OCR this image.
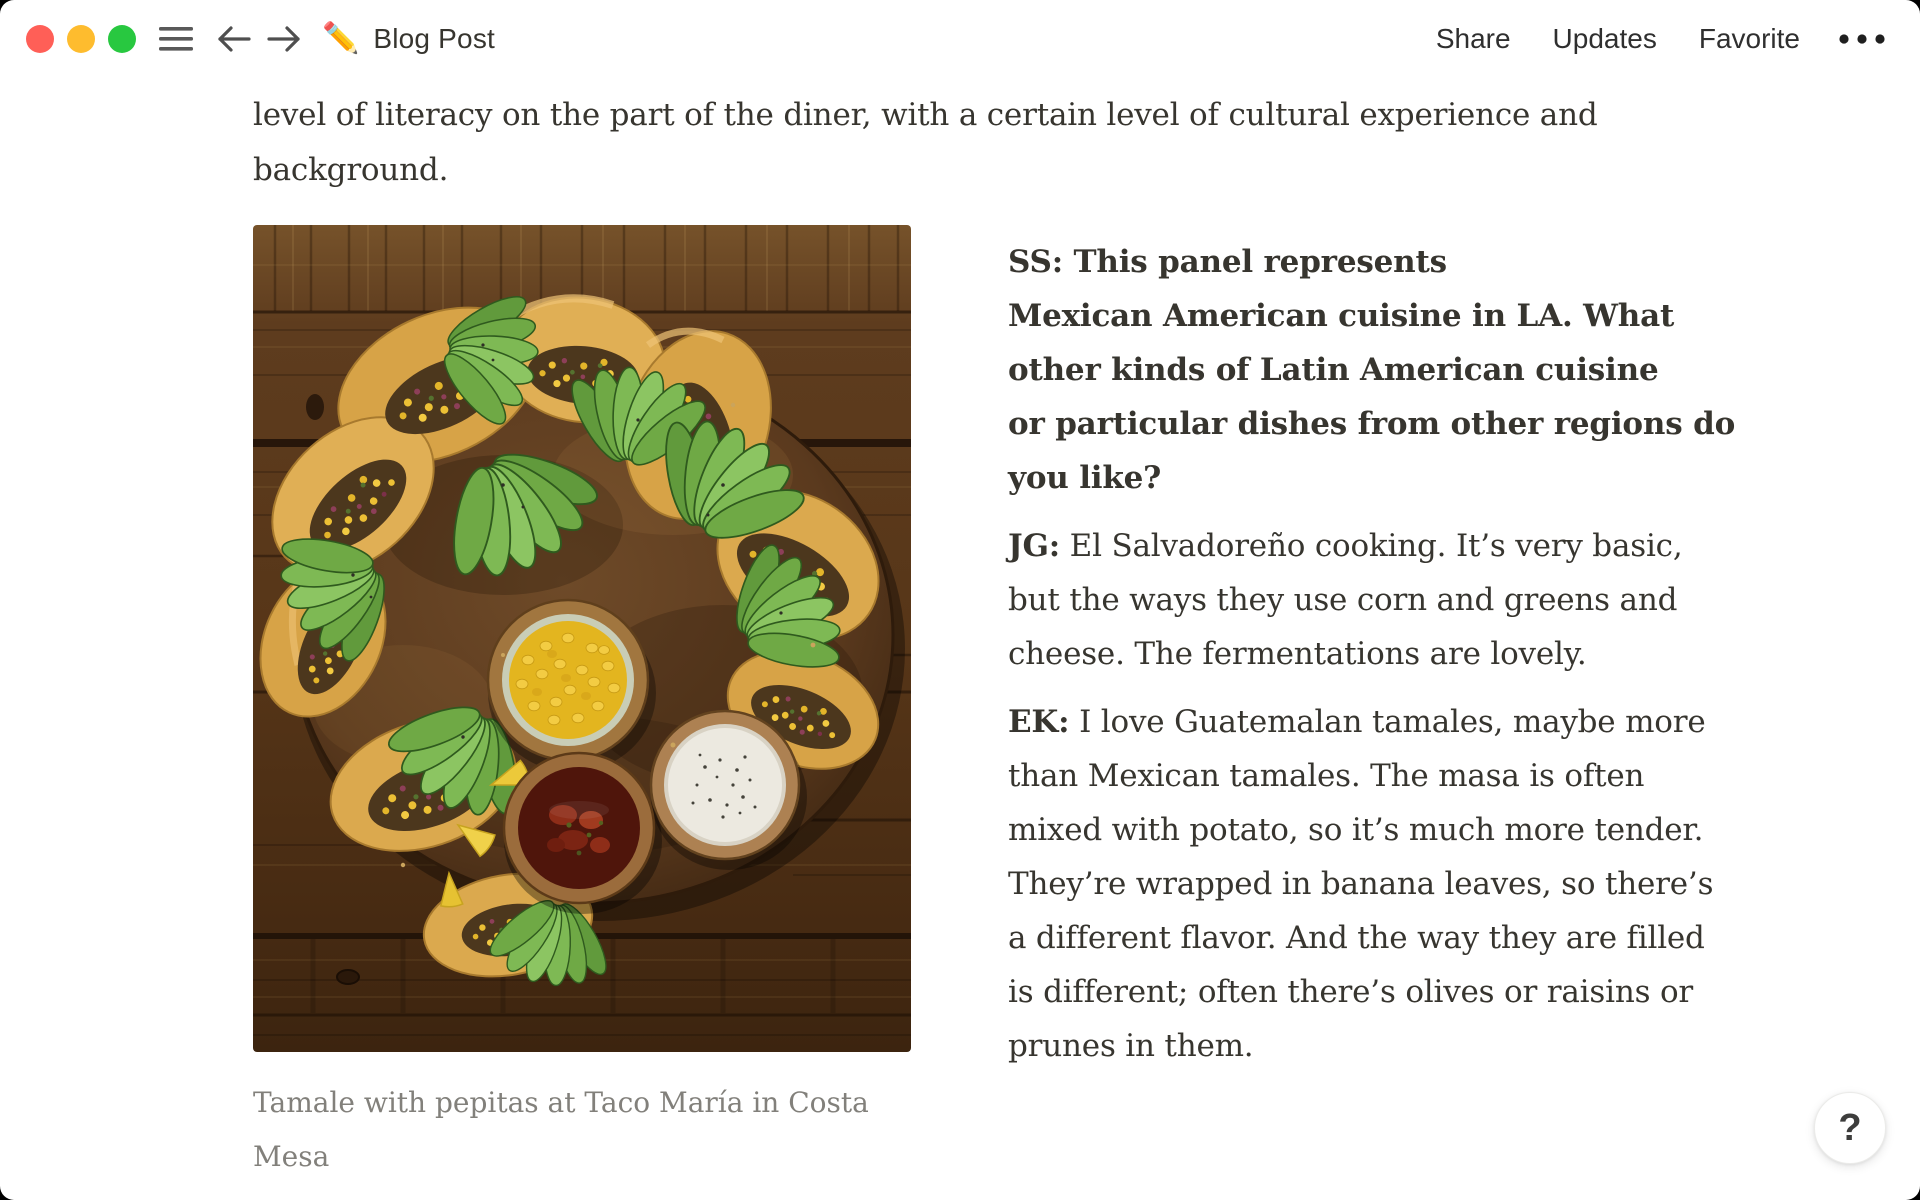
✏️ Blog Post	Share Updates Favorite

level of literacy on the part of the diner, with a certain level of cultural experience and
background.

Tamale with pepitas at Taco María in Costa
Mesa

SS: This panel represents
Mexican American cuisine in LA. What
other kinds of Latin American cuisine
or particular dishes from other regions do
you like?

JG: El Salvadoreño cooking. It’s very basic,
but the ways they use corn and greens and
cheese. The fermentations are lovely.

EK: I love Guatemalan tamales, maybe more
than Mexican tamales. The masa is often
mixed with potato, so it’s much more tender.
They’re wrapped in banana leaves, so there’s
a different flavor. And the way they are filled
is different; often there’s olives or raisins or
prunes in them.

?
